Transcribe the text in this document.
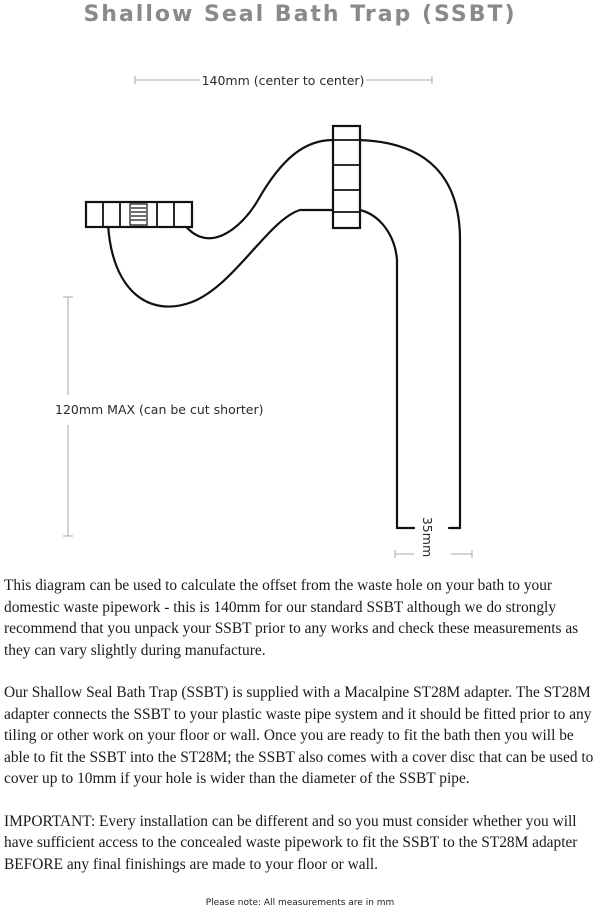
Shallow Seal Bath Trap (SSBT)
140mm (center to center)
120mm MAX (can be cut shorter)
35mm

This diagram can be used to calculate the offset from the waste hole on your bath to your domestic waste pipework - this is 140mm for our standard SSBT although we do strongly recommend that you unpack your SSBT prior to any works and check these measurements as they can vary slightly during manufacture.

Our Shallow Seal Bath Trap (SSBT) is supplied with a Macalpine ST28M adapter. The ST28M adapter connects the SSBT to your plastic waste pipe system and it should be fitted prior to any tiling or other work on your floor or wall. Once you are ready to fit the bath then you will be able to fit the SSBT into the ST28M; the SSBT also comes with a cover disc that can be used to cover up to 10mm if your hole is wider than the diameter of the SSBT pipe.

IMPORTANT: Every installation can be different and so you must consider whether you will have sufficient access to the concealed waste pipework to fit the SSBT to the ST28M adapter BEFORE any final finishings are made to your floor or wall.

Please note: All measurements are in mm
